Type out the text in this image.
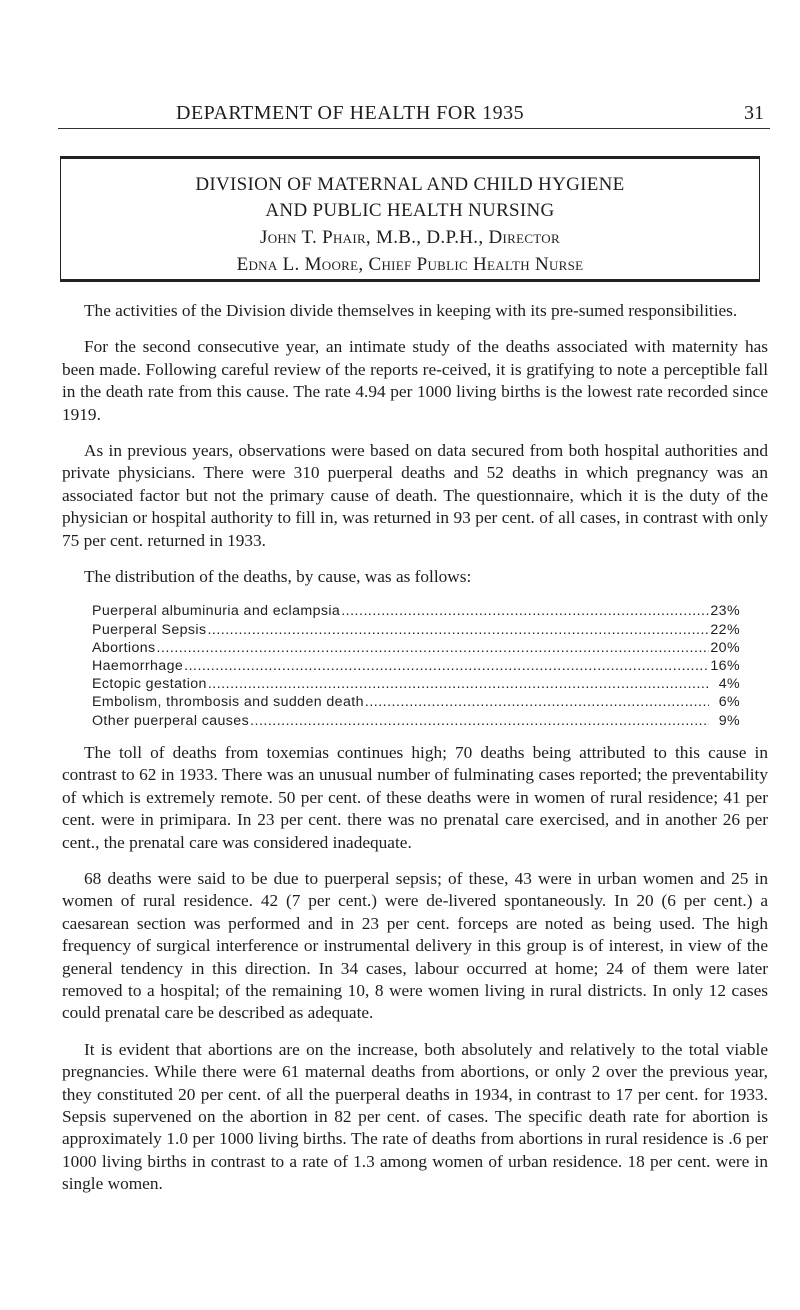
DEPARTMENT OF HEALTH FOR 1935	31
DIVISION OF MATERNAL AND CHILD HYGIENE
AND PUBLIC HEALTH NURSING
John T. Phair, M.B., D.P.H., Director
Edna L. Moore, Chief Public Health Nurse

The activities of the Division divide themselves in keeping with its pre-sumed responsibilities.

For the second consecutive year, an intimate study of the deaths associated with maternity has been made. Following careful review of the reports re-ceived, it is gratifying to note a perceptible fall in the death rate from this cause. The rate 4.94 per 1000 living births is the lowest rate recorded since 1919.

As in previous years, observations were based on data secured from both hospital authorities and private physicians. There were 310 puerperal deaths and 52 deaths in which pregnancy was an associated factor but not the primary cause of death. The questionnaire, which it is the duty of the physician or hospital authority to fill in, was returned in 93 per cent. of all cases, in contrast with only 75 per cent. returned in 1933.

The distribution of the deaths, by cause, was as follows:

Puerperal albuminuria and eclampsia .....	23%
Puerperal Sepsis .....	22%
Abortions .....	20%
Haemorrhage .....	16%
Ectopic gestation .....	4%
Embolism, thrombosis and sudden death .....	6%
Other puerperal causes .....	9%

The toll of deaths from toxemias continues high; 70 deaths being attributed to this cause in contrast to 62 in 1933. There was an unusual number of fulminating cases reported; the preventability of which is extremely remote. 50 per cent. of these deaths were in women of rural residence; 41 per cent. were in primipara. In 23 per cent. there was no prenatal care exercised, and in another 26 per cent., the prenatal care was considered inadequate.

68 deaths were said to be due to puerperal sepsis; of these, 43 were in urban women and 25 in women of rural residence. 42 (7 per cent.) were de-livered spontaneously. In 20 (6 per cent.) a caesarean section was performed and in 23 per cent. forceps are noted as being used. The high frequency of surgical interference or instrumental delivery in this group is of interest, in view of the general tendency in this direction. In 34 cases, labour occurred at home; 24 of them were later removed to a hospital; of the remaining 10, 8 were women living in rural districts. In only 12 cases could prenatal care be described as adequate.

It is evident that abortions are on the increase, both absolutely and relatively to the total viable pregnancies. While there were 61 maternal deaths from abortions, or only 2 over the previous year, they constituted 20 per cent. of all the puerperal deaths in 1934, in contrast to 17 per cent. for 1933. Sepsis supervened on the abortion in 82 per cent. of cases. The specific death rate for abortion is approximately 1.0 per 1000 living births. The rate of deaths from abortions in rural residence is .6 per 1000 living births in contrast to a rate of 1.3 among women of urban residence. 18 per cent. were in single women.
